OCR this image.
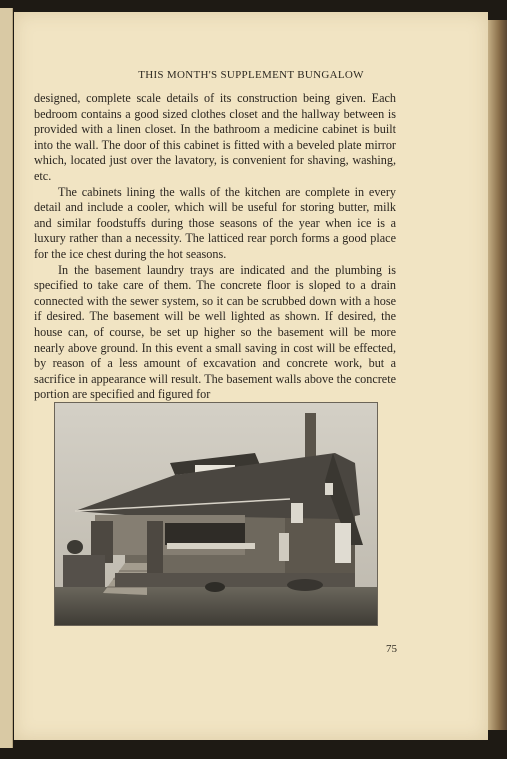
THIS MONTH'S SUPPLEMENT BUNGALOW

designed, complete scale details of its construction being given. Each bedroom contains a good sized clothes closet and the hallway between is provided with a linen closet. In the bathroom a medicine cabinet is built into the wall. The door of this cabinet is fitted with a beveled plate mirror which, located just over the lavatory, is convenient for shaving, washing, etc.

The cabinets lining the walls of the kitchen are complete in every detail and include a cooler, which will be useful for storing butter, milk and similar foodstuffs during those seasons of the year when ice is a luxury rather than a necessity. The latticed rear porch forms a good place for the ice chest during the hot seasons.

In the basement laundry trays are indicated and the plumbing is specified to take care of them. The concrete floor is sloped to a drain connected with the sewer system, so it can be scrubbed down with a hose if desired. The basement will be well lighted as shown. If desired, the house can, of course, be set up higher so the basement will be more nearly above ground. In this event a small saving in cost will be effected, by reason of a less amount of excavation and concrete work, but a sacrifice in appearance will result. The basement walls above the concrete portion are specified and figured for

75
